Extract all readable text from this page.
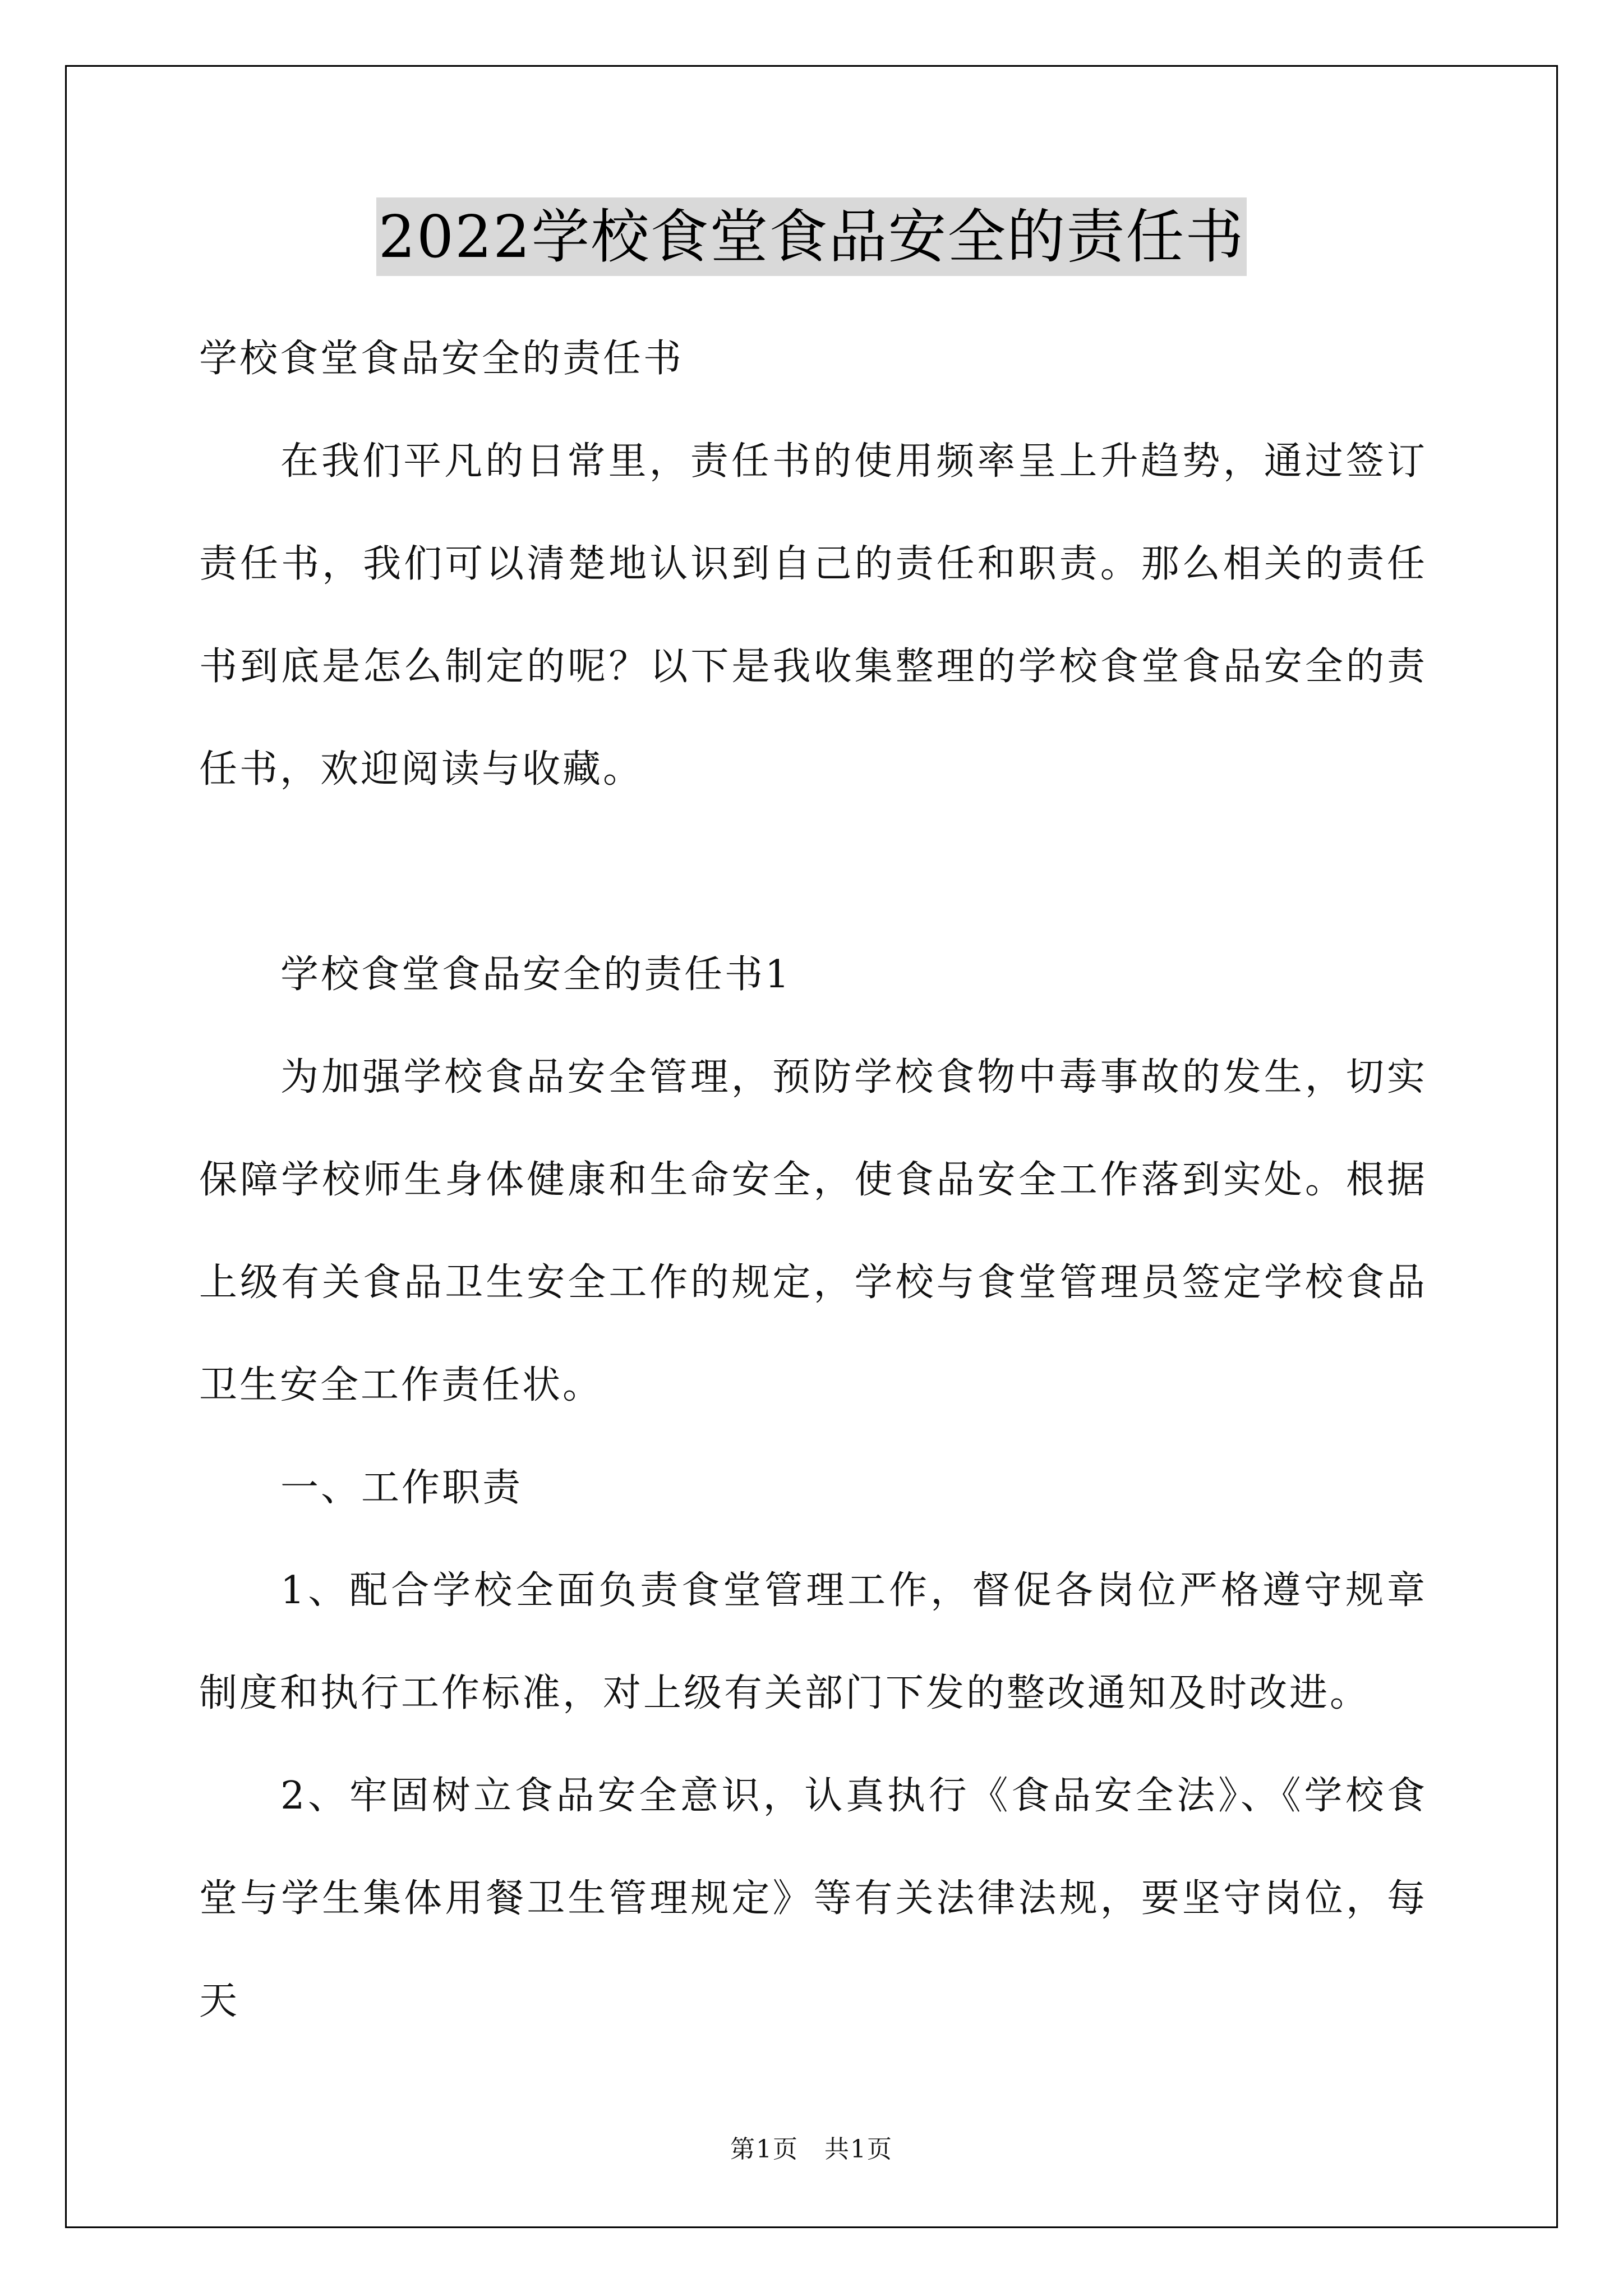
2022学校食堂食品安全的责任书

学校食堂食品安全的责任书

在我们平凡的日常里，责任书的使用频率呈上升趋势，通过签订责任书，我们可以清楚地认识到自己的责任和职责。那么相关的责任书到底是怎么制定的呢？以下是我收集整理的学校食堂食品安全的责任书，欢迎阅读与收藏。

学校食堂食品安全的责任书1

为加强学校食品安全管理，预防学校食物中毒事故的发生，切实保障学校师生身体健康和生命安全，使食品安全工作落到实处。根据上级有关食品卫生安全工作的规定，学校与食堂管理员签定学校食品卫生安全工作责任状。

一、工作职责

1、配合学校全面负责食堂管理工作，督促各岗位严格遵守规章制度和执行工作标准，对上级有关部门下发的整改通知及时改进。

2、牢固树立食品安全意识，认真执行《食品安全法》、《学校食堂与学生集体用餐卫生管理规定》等有关法律法规，要坚守岗位，每天

第1页　共1页
